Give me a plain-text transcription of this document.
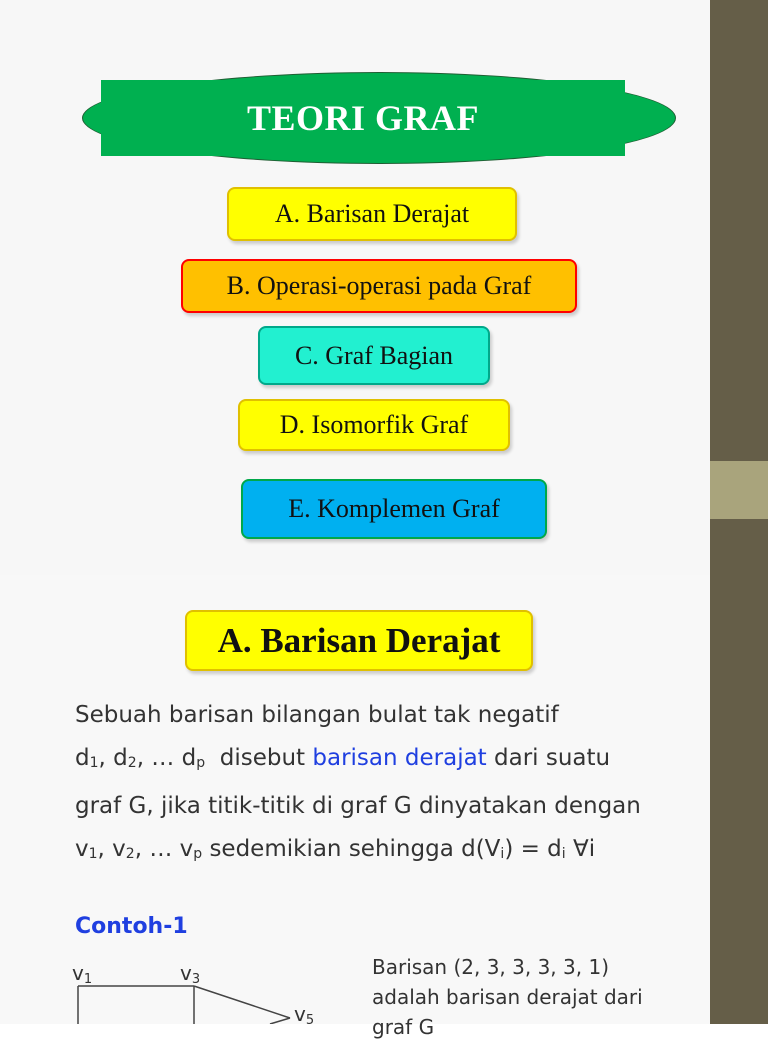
TEORI GRAF
A. Barisan Derajat
B. Operasi-operasi pada Graf
C. Graf Bagian
D. Isomorfik Graf
E. Komplemen Graf
A. Barisan Derajat
Sebuah barisan bilangan bulat tak negatif
$d_1$, $d_2$, … $d_p$  disebut barisan derajat dari suatu
graf G, jika titik-titik di graf G dinyatakan dengan
$v_1$, $v_2$, … $v_p$ sedemikian sehingga $d(V_i) = d_i$ ∀i
Contoh-1
v1	v3
v5
Barisan (2, 3, 3, 3, 3, 1)
adalah barisan derajat dari
graf G
